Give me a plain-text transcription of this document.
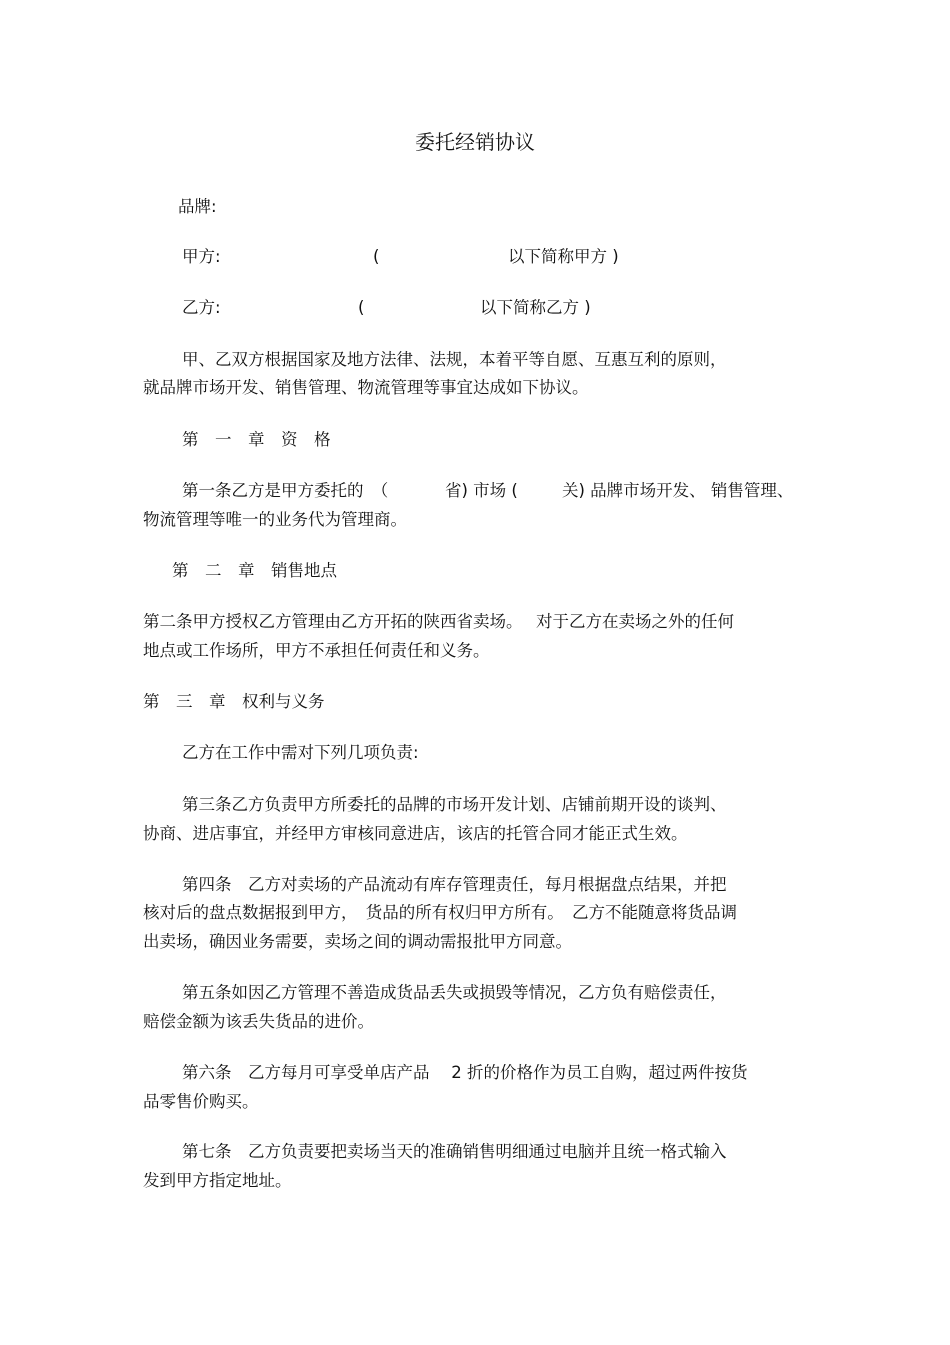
委托经销协议
品牌:
甲方:	(	以下简称甲方 )
乙方:	(	以下简称乙方 )
甲、乙双方根据国家及地方法律、法规，本着平等自愿、互惠互利的原则，
就品牌市场开发、销售管理、物流管理等事宜达成如下协议。
第　一　章　资　格
第一条乙方是甲方委托的　（	省) 市场 (	关) 品牌市场开发、 销售管理、
物流管理等唯一的业务代为管理商。
第　二　章　销售地点
第二条甲方授权乙方管理由乙方开拓的陕西省卖场。　 对于乙方在卖场之外的任何
地点或工作场所，甲方不承担任何责任和义务。
第　三　章　权利与义务
乙方在工作中需对下列几项负责:
第三条乙方负责甲方所委托的品牌的市场开发计划、店铺前期开设的谈判、
协商、进店事宜，并经甲方审核同意进店，该店的托管合同才能正式生效。
第四条　乙方对卖场的产品流动有库存管理责任，每月根据盘点结果，并把
核对后的盘点数据报到甲方，　货品的所有权归甲方所有。　乙方不能随意将货品调
出卖场，确因业务需要，卖场之间的调动需报批甲方同意。
第五条如因乙方管理不善造成货品丢失或损毁等情况，乙方负有赔偿责任，
赔偿金额为该丢失货品的进价。
第六条　乙方每月可享受单店产品　 2 折的价格作为员工自购，超过两件按货
品零售价购买。
第七条　乙方负责要把卖场当天的准确销售明细通过电脑并且统一格式输入
发到甲方指定地址。
